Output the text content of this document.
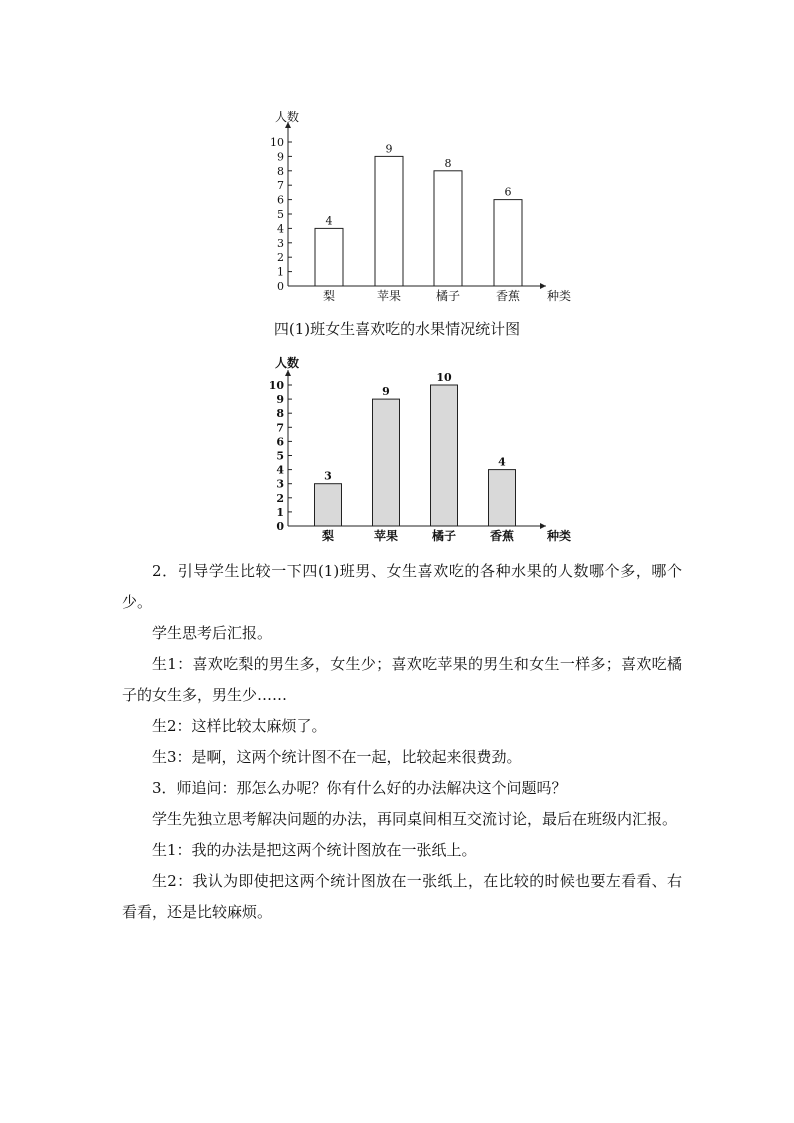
0
1
2
3
4
5
6
7
8
9
10
人数
种类
4
梨
9
苹果
8
橘子
6
香蕉
0
1
2
3
4
5
6
7
8
9
10
人数
种类
3
梨
9
苹果
10
橘子
4
香蕉
四(1)班女生喜欢吃的水果情况统计图

2．引导学生比较一下四(1)班男、女生喜欢吃的各种水果的人数哪个多，哪个少。

学生思考后汇报。

生1：喜欢吃梨的男生多，女生少；喜欢吃苹果的男生和女生一样多；喜欢吃橘子的女生多，男生少……

生2：这样比较太麻烦了。

生3：是啊，这两个统计图不在一起，比较起来很费劲。

3．师追问：那怎么办呢？你有什么好的办法解决这个问题吗？

学生先独立思考解决问题的办法，再同桌间相互交流讨论，最后在班级内汇报。

生1：我的办法是把这两个统计图放在一张纸上。

生2：我认为即使把这两个统计图放在一张纸上，在比较的时候也要左看看、右看看，还是比较麻烦。
